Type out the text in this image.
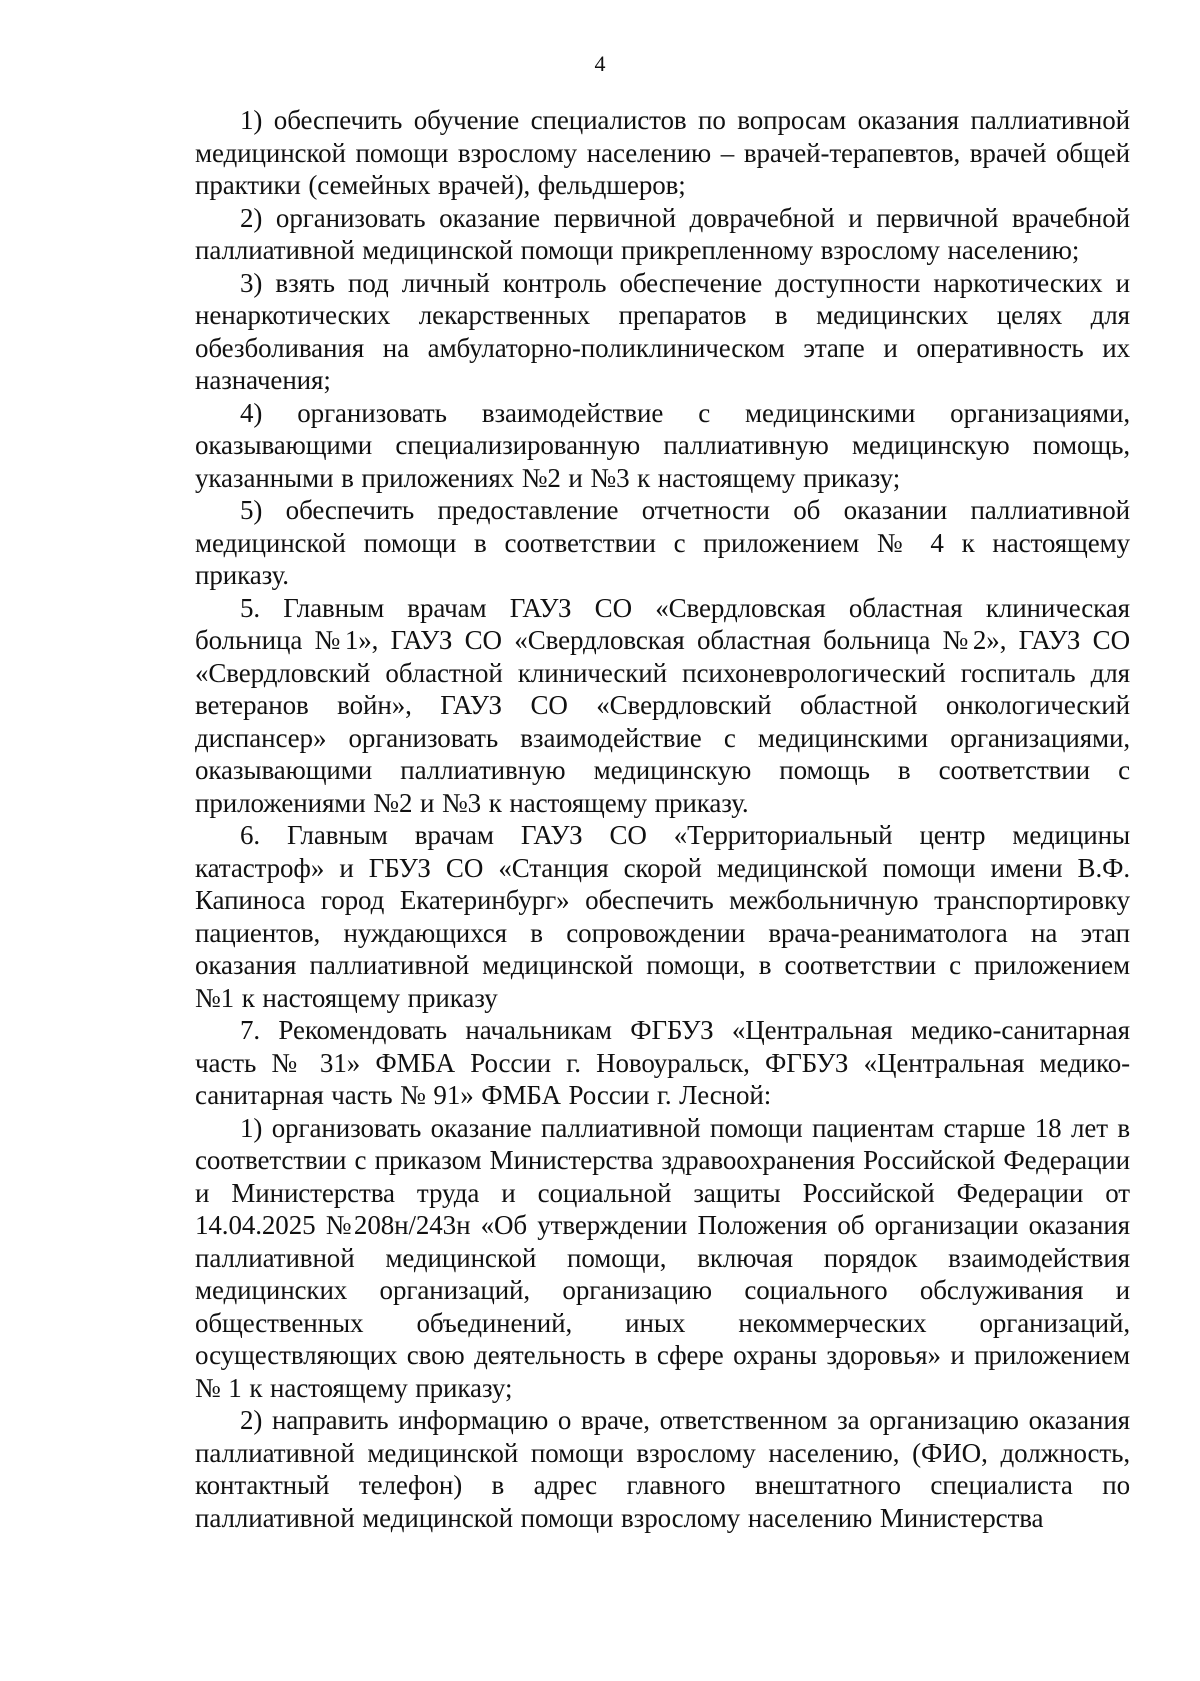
4

1) обеспечить обучение специалистов по вопросам оказания паллиативной медицинской помощи взрослому населению – врачей-терапевтов, врачей общей практики (семейных врачей), фельдшеров;

2) организовать оказание первичной доврачебной и первичной врачебной паллиативной медицинской помощи прикрепленному взрослому населению;

3) взять под личный контроль обеспечение доступности наркотических и ненаркотических лекарственных препаратов в медицинских целях для обезболивания на амбулаторно-поликлиническом этапе и оперативность их назначения;

4) организовать взаимодействие с медицинскими организациями, оказывающими специализированную паллиативную медицинскую помощь, указанными в приложениях №2 и №3 к настоящему приказу;

5) обеспечить предоставление отчетности об оказании паллиативной медицинской помощи в соответствии с приложением № 4 к настоящему приказу.

5. Главным врачам ГАУЗ СО «Свердловская областная клиническая больница №1», ГАУЗ СО «Свердловская областная больница №2», ГАУЗ СО «Свердловский областной клинический психоневрологический госпиталь для ветеранов войн», ГАУЗ СО «Свердловский областной онкологический диспансер» организовать взаимодействие с медицинскими организациями, оказывающими паллиативную медицинскую помощь в соответствии с приложениями №2 и №3 к настоящему приказу.

6. Главным врачам ГАУЗ СО «Территориальный центр медицины катастроф» и ГБУЗ СО «Станция скорой медицинской помощи имени В.Ф. Капиноса город Екатеринбург» обеспечить межбольничную транспортировку пациентов, нуждающихся в сопровождении врача-реаниматолога на этап оказания паллиативной медицинской помощи, в соответствии с приложением №1 к настоящему приказу

7. Рекомендовать начальникам ФГБУЗ «Центральная медико-санитарная часть № 31» ФМБА России г. Новоуральск, ФГБУЗ «Центральная медико-санитарная часть № 91» ФМБА России г. Лесной:

1) организовать оказание паллиативной помощи пациентам старше 18 лет в соответствии с приказом Министерства здравоохранения Российской Федерации и Министерства труда и социальной защиты Российской Федерации от 14.04.2025 №208н/243н «Об утверждении Положения об организации оказания паллиативной медицинской помощи, включая порядок взаимодействия медицинских организаций, организацию социального обслуживания и общественных объединений, иных некоммерческих организаций, осуществляющих свою деятельность в сфере охраны здоровья» и приложением № 1 к настоящему приказу;

2) направить информацию о враче, ответственном за организацию оказания паллиативной медицинской помощи взрослому населению, (ФИО, должность, контактный телефон) в адрес главного внештатного специалиста по паллиативной медицинской помощи взрослому населению Министерства
